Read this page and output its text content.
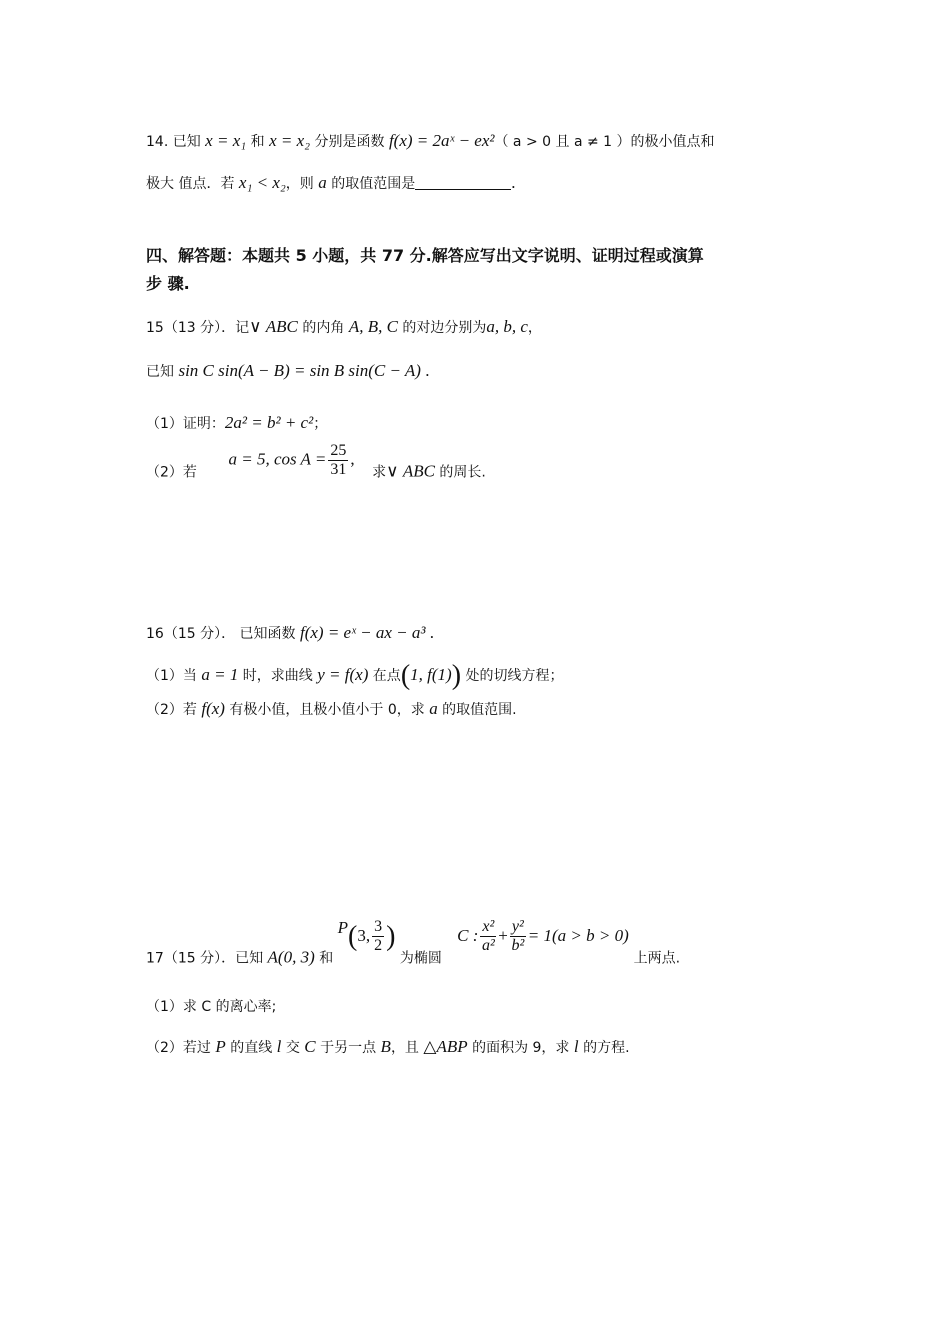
14. 已知 x = x₁ 和 x = x₂ 分别是函数 f(x) = 2aˣ − ex²（ a > 0 且 a ≠ 1 ）的极小值点和
极大 值点．若 x₁ < x₂，则 a 的取值范围是	.
四、解答题：本题共 5 小题，共 77 分.解答应写出文字说明、证明过程或演算
步 骤.
15（13 分）．记∨ ABC 的内角 A, B, C 的对边分别为a, b, c，
已知 sin C sin(A − B) = sin B sin(C − A) .
（1）证明：2a² = b² + c²；
（2）若  a = 5, $\cos A = \frac{25}{31}$ ,  求∨ ABC 的周长.
16（15 分）． 已知函数 f(x) = eˣ − ax − a³ .
（1）当 a = 1 时，求曲线 y = f(x) 在点(1, f(1)) 处的切线方程；
（2）若 f(x) 有极小值，且极小值小于 0，求 a 的取值范围.
17（15 分）．已知 A(0, 3) 和 P(3, $\frac{3}{2}$ ) 为椭圆  C : $\frac{\text{x²}}{\text{a²}} + \frac{\text{y²}}{\text{b²}} = 1(a > b > 0)$ 上两点.
（1）求 C 的离心率;
（2）若过 P 的直线 l 交 C 于另一点 B，且 △ABP 的面积为 9，求 l 的方程.
